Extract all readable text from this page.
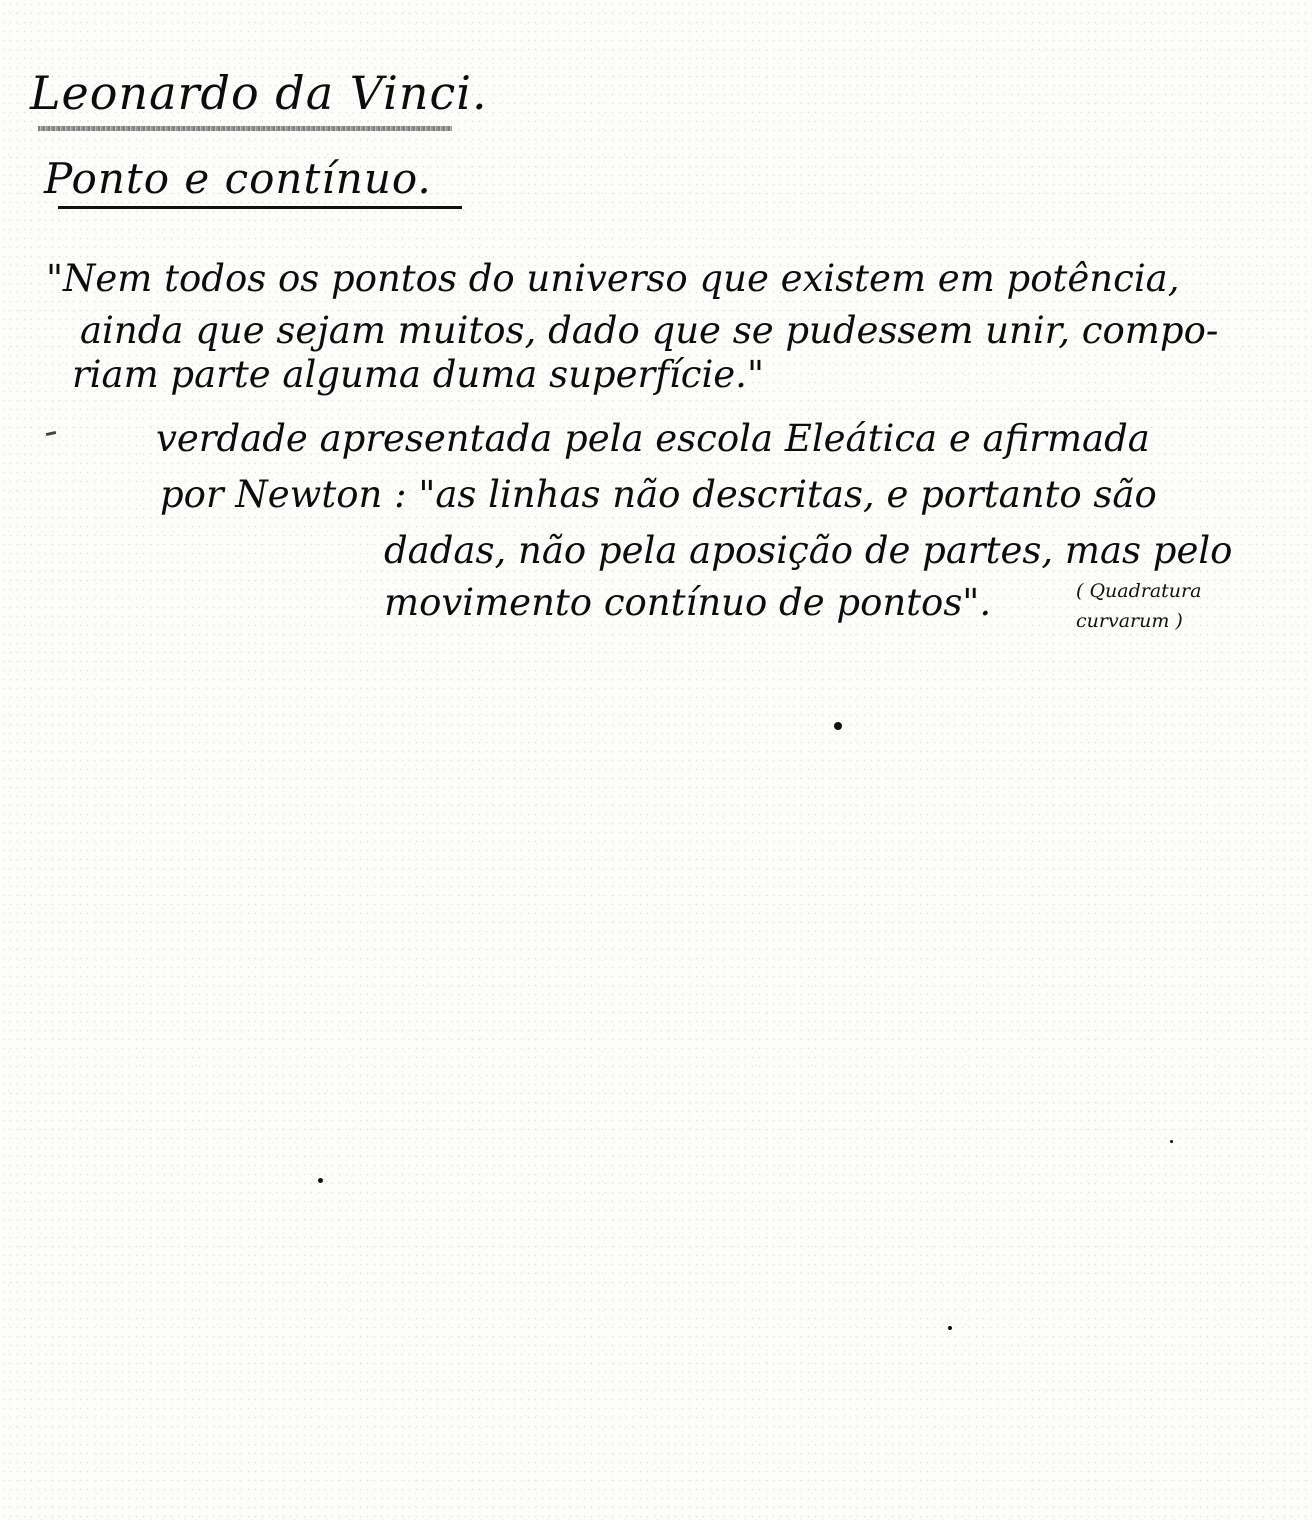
Leonardo da Vinci.

Ponto e contínuo.

"Nem todos os pontos do universo que existem em potência,

ainda que sejam muitos, dado que se pudessem unir, compo-

riam parte alguma duma superfície."

verdade apresentada pela escola Eleática e afirmada

por Newton : "as linhas não descritas, e portanto são

dadas, não pela aposição de partes, mas pelo

movimento contínuo de pontos".	( Quadratura
curvarum )
